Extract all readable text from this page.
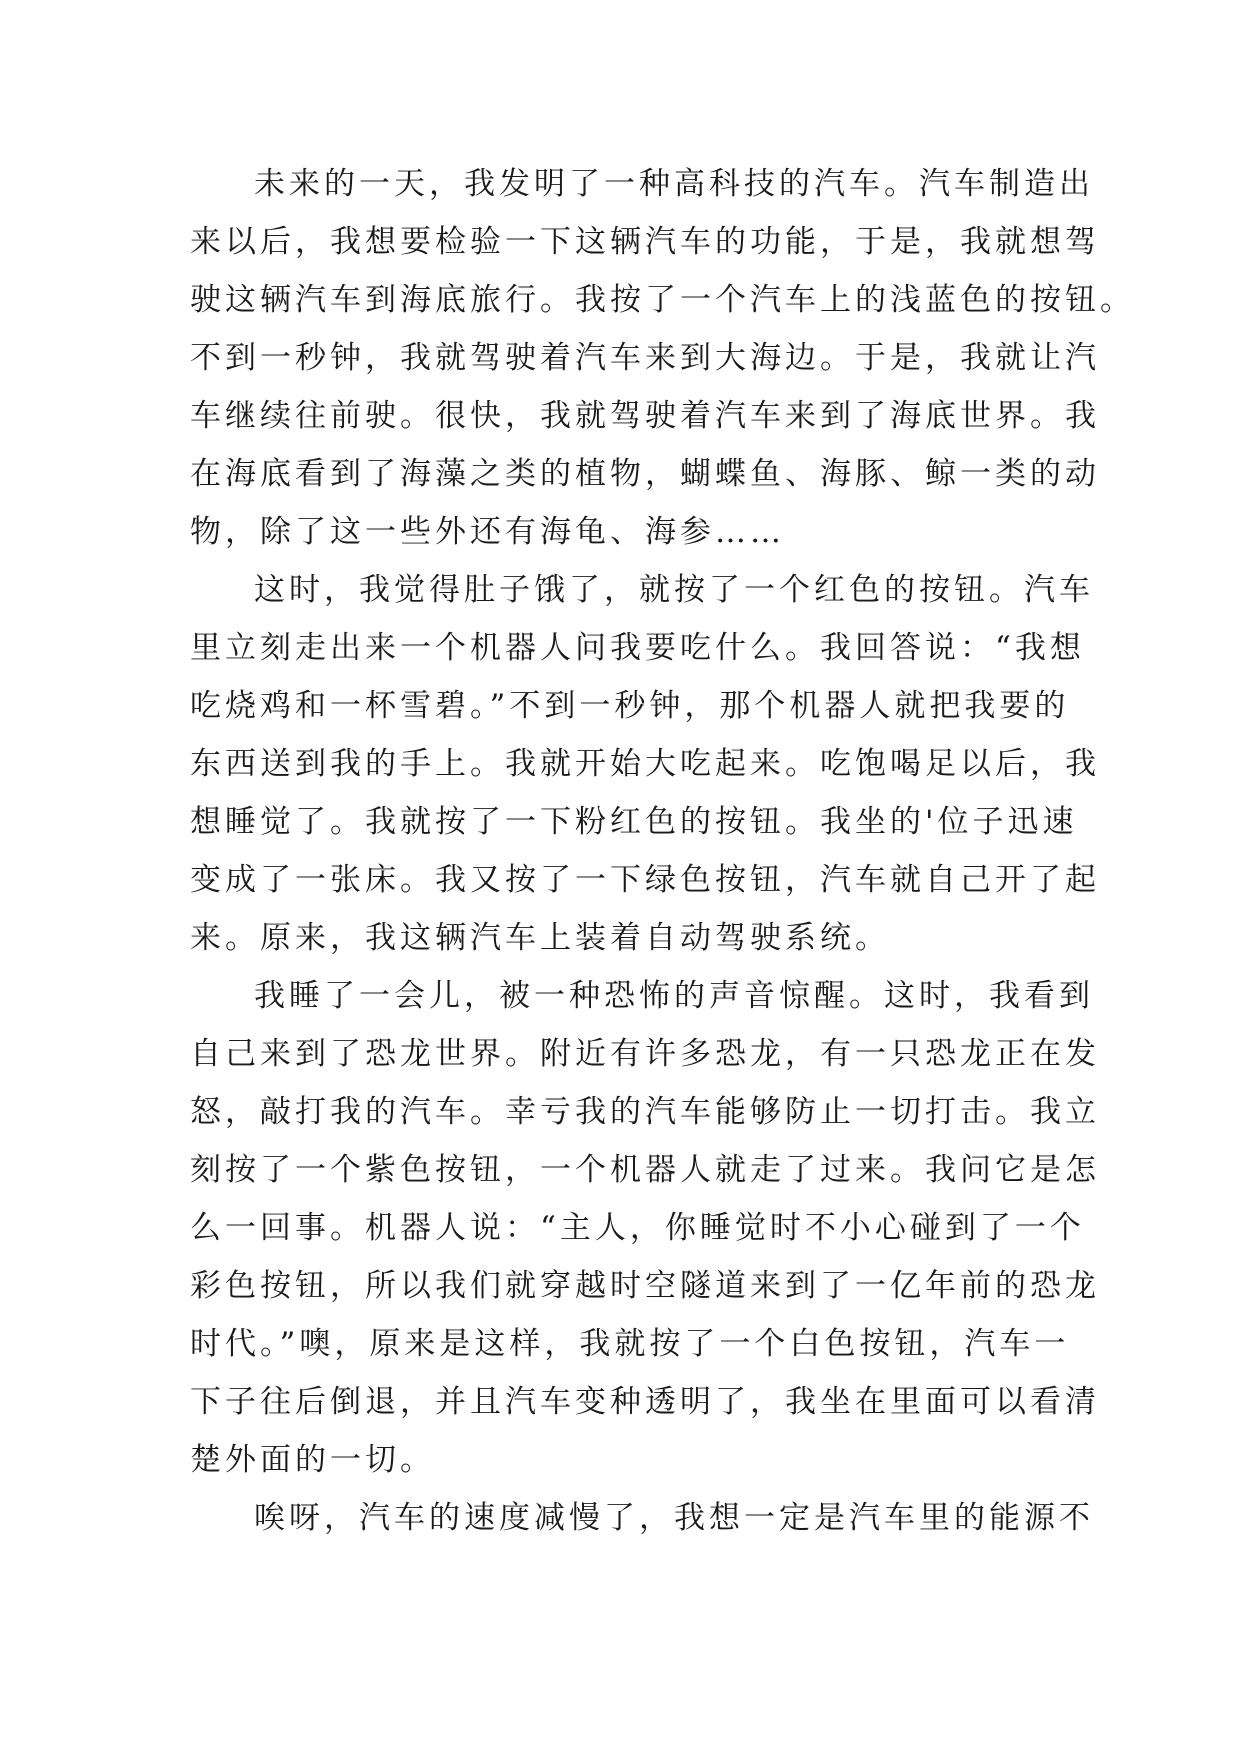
未来的一天，我发明了一种高科技的汽车。汽车制造出
来以后，我想要检验一下这辆汽车的功能，于是，我就想驾
驶这辆汽车到海底旅行。我按了一个汽车上的浅蓝色的按钮。
不到一秒钟，我就驾驶着汽车来到大海边。于是，我就让汽
车继续往前驶。很快，我就驾驶着汽车来到了海底世界。我
在海底看到了海藻之类的植物，蝴蝶鱼、海豚、鲸一类的动
物，除了这一些外还有海龟、海参……
这时，我觉得肚子饿了，就按了一个红色的按钮。汽车
里立刻走出来一个机器人问我要吃什么。我回答说：“我想
吃烧鸡和一杯雪碧。”不到一秒钟，那个机器人就把我要的
东西送到我的手上。我就开始大吃起来。吃饱喝足以后，我
想睡觉了。我就按了一下粉红色的按钮。我坐的'位子迅速
变成了一张床。我又按了一下绿色按钮，汽车就自己开了起
来。原来，我这辆汽车上装着自动驾驶系统。
我睡了一会儿，被一种恐怖的声音惊醒。这时，我看到
自己来到了恐龙世界。附近有许多恐龙，有一只恐龙正在发
怒，敲打我的汽车。幸亏我的汽车能够防止一切打击。我立
刻按了一个紫色按钮，一个机器人就走了过来。我问它是怎
么一回事。机器人说：“主人，你睡觉时不小心碰到了一个
彩色按钮，所以我们就穿越时空隧道来到了一亿年前的恐龙
时代。”噢，原来是这样，我就按了一个白色按钮，汽车一
下子往后倒退，并且汽车变种透明了，我坐在里面可以看清
楚外面的一切。
唉呀，汽车的速度减慢了，我想一定是汽车里的能源不
